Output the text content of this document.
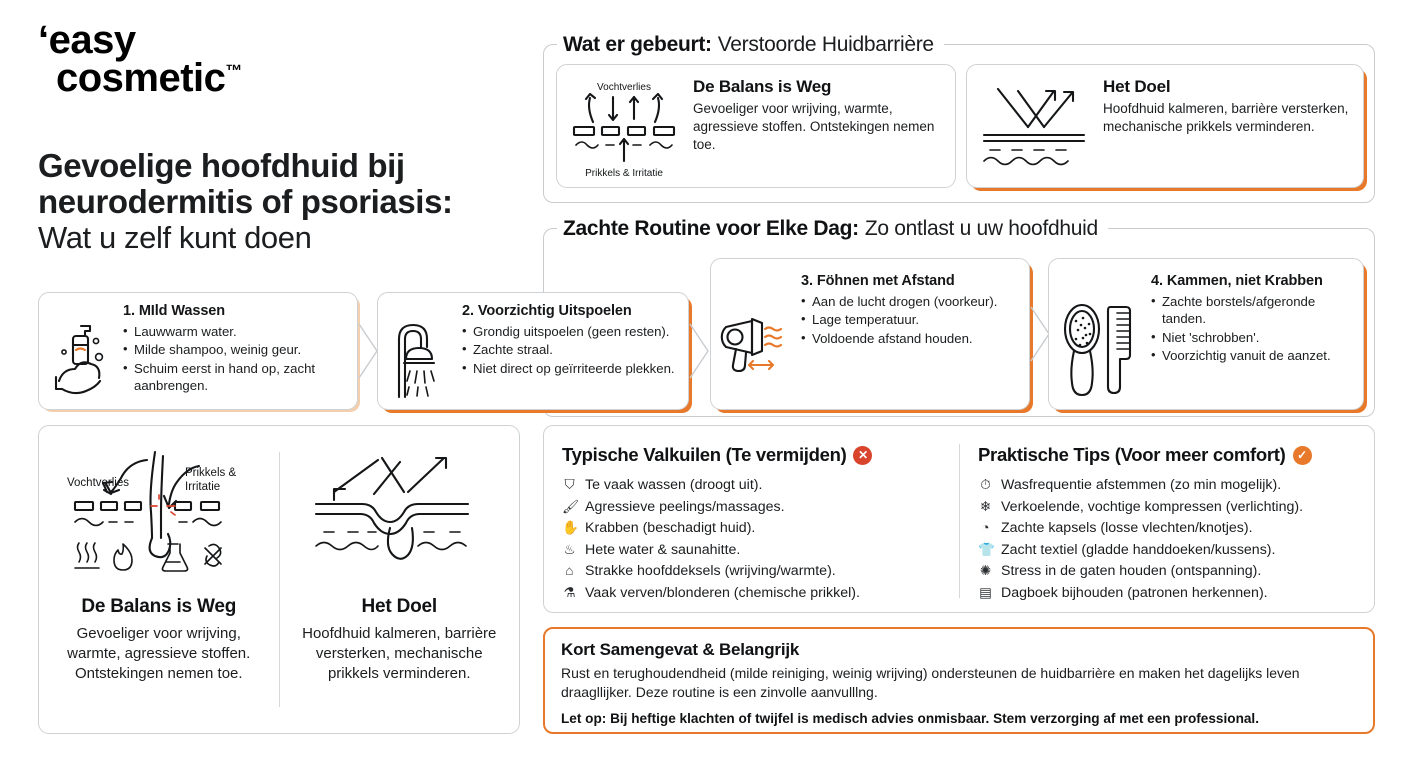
‘easy
cosmetic™
Gevoelige hoofdhuid bij
neurodermitis of psoriasis:
Wat u zelf kunt doen
Wat er gebeurt: Verstoorde Huidbarrière
Vochtverlies
Prikkels & Irritatie
De Balans is Weg

Gevoeliger voor wrijving, warmte, agressieve stoffen. Ontstekingen nemen toe.

Het Doel

Hoofdhuid kalmeren, barrière versterken, mechanische prikkels verminderen.

Zachte Routine voor Elke Dag: Zo ontlast u uw hoofdhuid
1. MIld Wassen
• Lauwwarm water.
• Milde shampoo, weinig geur.
• Schuim eerst in hand op, zacht aanbrengen.
2. Voorzichtig Uitspoelen
• Grondig uitspoelen (geen resten).
• Zachte straal.
• Niet direct op geïrriteerde plekken.
3. Föhnen met Afstand
• Aan de lucht drogen (voorkeur).
• Lage temperatuur.
• Voldoende afstand houden.
4. Kammen, niet Krabben
• Zachte borstels/afgeronde tanden.
• Niet 'schrobben'.
• Voorzichtig vanuit de aanzet.
Typische Valkuilen (Te vermijden) ✕
⛉ Te vaak wassen (droogt uit).
🖌 Agressieve peelings/massages.
✋ Krabben (beschadigt huid).
♨ Hete water & saunahitte.
⌂ Strakke hoofddeksels (wrijving/warmte).
⚗ Vaak verven/blonderen (chemische prikkel).
Praktische Tips (Voor meer comfort) ✓
⏱ Wasfrequentie afstemmen (zo min mogelijk).
❄ Verkoelende, vochtige kompressen (verlichting).
◔ Zachte kapsels (losse vlechten/knotjes).
👕 Zacht textiel (gladde handdoeken/kussens).
✺ Stress in de gaten houden (ontspanning).
▤ Dagboek bijhouden (patronen herkennen).
Kort Samengevat & Belangrijk

Rust en terughoudendheid (milde reiniging, weinig wrijving) ondersteunen de huidbarrière en maken het dagelijks leven draagllіjker. Deze routine is een zinvolle aanvulllng.

Let op: Bij heftige klachten of twijfel is medisch advies onmisbaar. Stem verzorging af met een professional.

Vochtverlies
Prikkels &
Irritatie
De Balans is Weg

Gevoeliger voor wrijving, warmte, agressieve stoffen. Ontstekingen nemen toe.

Het Doel

Hoofdhuid kalmeren, barrière versterken, mechanische prikkels verminderen.
